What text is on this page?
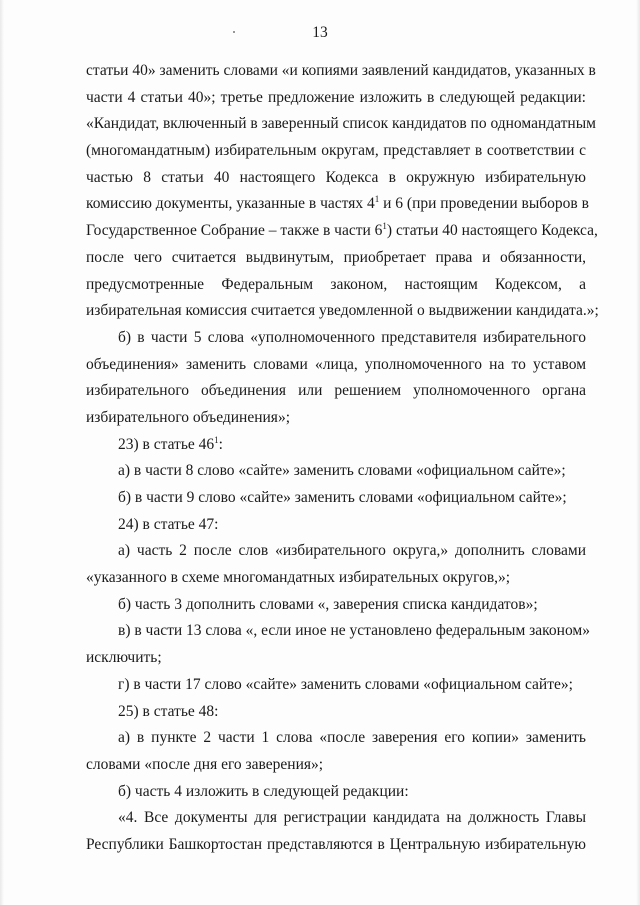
13
статьи 40» заменить словами «и копиями заявлений кандидатов, указанных в
части 4 статьи 40»; третье предложение изложить в следующей редакции:
«Кандидат, включенный в заверенный список кандидатов по одномандатным
(многомандатным) избирательным округам, представляет в соответствии с
частью 8 статьи 40 настоящего Кодекса в окружную избирательную
комиссию документы, указанные в частях $4^1$ и 6 (при проведении выборов в
Государственное Собрание – также в части $6^1$) статьи 40 настоящего Кодекса,
после чего считается выдвинутым, приобретает права и обязанности,
предусмотренные Федеральным законом, настоящим Кодексом, а
избирательная комиссия считается уведомленной о выдвижении кандидата.»;
б) в части 5 слова «уполномоченного представителя избирательного
объединения» заменить словами «лица, уполномоченного на то уставом
избирательного объединения или решением уполномоченного органа
избирательного объединения»;
23) в статье $46^1$:
а) в части 8 слово «сайте» заменить словами «официальном сайте»;
б) в части 9 слово «сайте» заменить словами «официальном сайте»;
24) в статье 47:
а) часть 2 после слов «избирательного округа,» дополнить словами
«указанного в схеме многомандатных избирательных округов,»;
б) часть 3 дополнить словами «, заверения списка кандидатов»;
в) в части 13 слова «, если иное не установлено федеральным законом»
исключить;
г) в части 17 слово «сайте» заменить словами «официальном сайте»;
25) в статье 48:
а) в пункте 2 части 1 слова «после заверения его копии» заменить
словами «после дня его заверения»;
б) часть 4 изложить в следующей редакции:
«4. Все документы для регистрации кандидата на должность Главы
Республики Башкортостан представляются в Центральную избирательную
